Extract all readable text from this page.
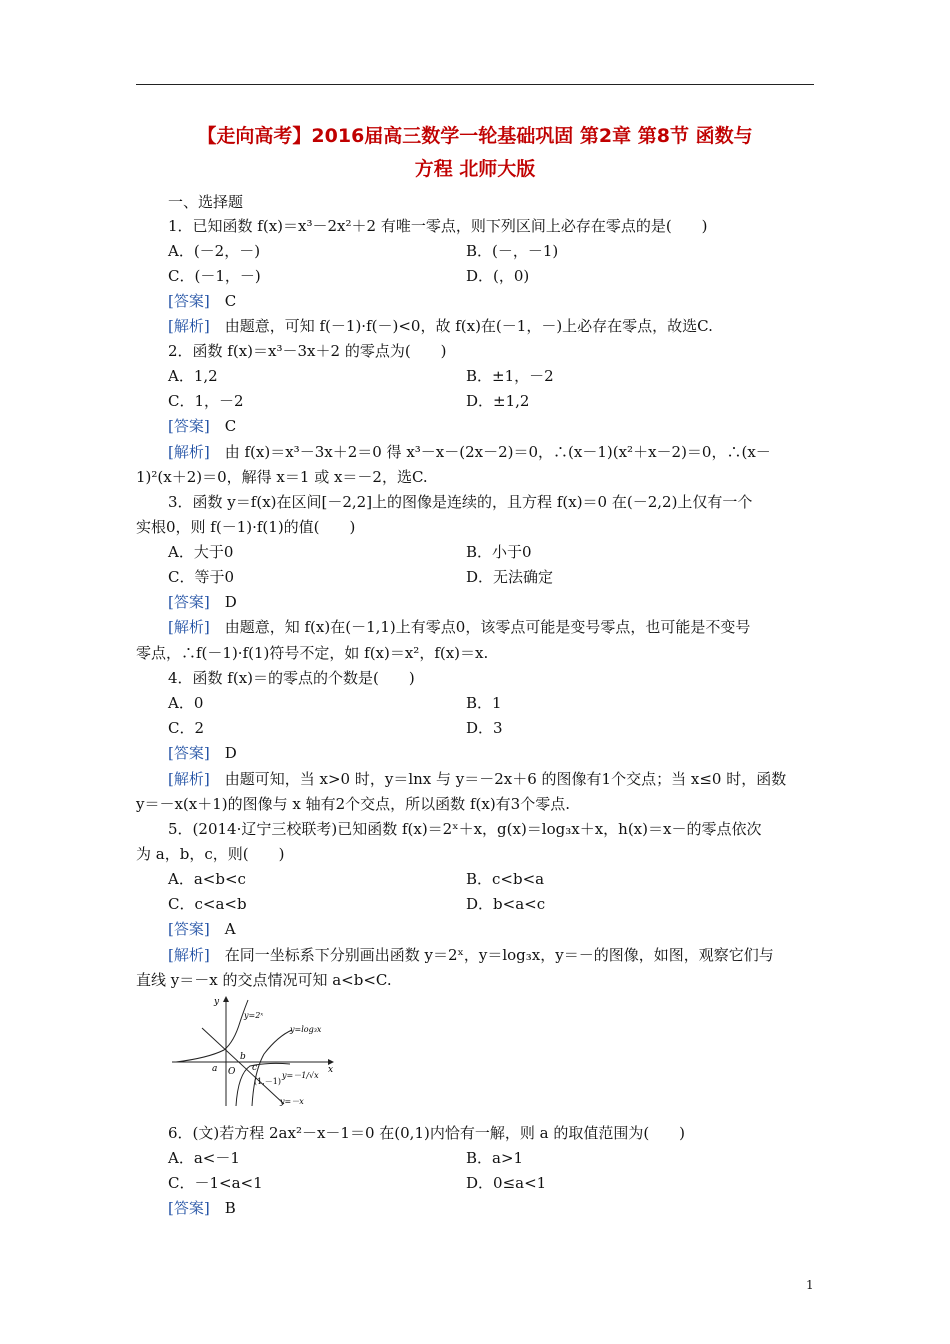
【走向高考】2016届高三数学一轮基础巩固 第2章 第8节 函数与
方程 北师大版
一、选择题
1．已知函数 f(x)＝x³－2x²＋2 有唯一零点，则下列区间上必存在零点的是(　　)
A．(－2，－)	B．(－，－1)
C．(－1，－)	D．(，0)
[答案]　 C
[解析]　 由题意，可知 f(－1)·f(－)<0，故 f(x)在(－1，－)上必存在零点，故选C.
2．函数 f(x)＝x³－3x＋2 的零点为(　　)
A．1,2	B．±1，－2
C．1，－2	D．±1,2
[答案]　 C
[解析]　 由 f(x)＝x³－3x＋2＝0 得 x³－x－(2x－2)＝0，∴(x－1)(x²＋x－2)＝0，∴(x－
1)²(x＋2)＝0，解得 x＝1 或 x＝－2，选C.
3．函数 y＝f(x)在区间[－2,2]上的图像是连续的，且方程 f(x)＝0 在(－2,2)上仅有一个
实根0，则 f(－1)·f(1)的值(　　)
A．大于0	B．小于0
C．等于0	D．无法确定
[答案]　 D
[解析]　 由题意，知 f(x)在(－1,1)上有零点0，该零点可能是变号零点，也可能是不变号
零点，∴f(－1)·f(1)符号不定，如 f(x)＝x²，f(x)＝x.
4．函数 f(x)＝的零点的个数是(　　)
A．0	B．1
C．2	D．3
[答案]　 D
[解析]　 由题可知，当 x>0 时，y＝lnx 与 y＝－2x＋6 的图像有1个交点；当 x≤0 时，函数
y＝－x(x＋1)的图像与 x 轴有2个交点，所以函数 f(x)有3个零点.
5．(2014·辽宁三校联考)已知函数 f(x)＝2ˣ＋x，g(x)＝log₃x＋x，h(x)＝x－的零点依次
为 a，b，c，则(　　)
A．a<b<c	B．c<b<a
C．c<a<b	D．b<a<c
[答案]　 A
[解析]　 在同一坐标系下分别画出函数 y＝2ˣ，y＝log₃x，y＝－的图像，如图，观察它们与
直线 y＝－x 的交点情况可知 a<b<C.
y
x
O
a
b
c
y=2ˣ
y=log₃x
y=－1/√x
y=－x
(1,－1)
6．(文)若方程 2ax²－x－1＝0 在(0,1)内恰有一解，则 a 的取值范围为(　　)
A．a<－1	B．a>1
C．－1<a<1	D．0≤a<1
[答案]　 B
1
